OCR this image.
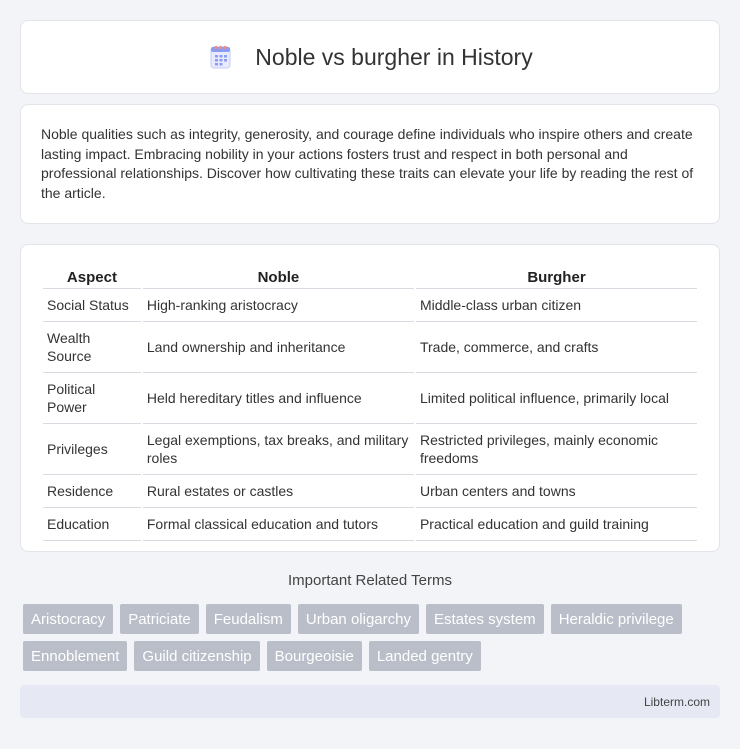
Noble vs burgher in History

Noble qualities such as integrity, generosity, and courage define individuals who inspire others and create lasting impact. Embracing nobility in your actions fosters trust and respect in both personal and professional relationships. Discover how cultivating these traits can elevate your life by reading the rest of the article.

Aspect	Noble	Burgher
Social Status	High-ranking aristocracy	Middle-class urban citizen
Wealth Source	Land ownership and inheritance	Trade, commerce, and crafts
Political Power	Held hereditary titles and influence	Limited political influence, primarily local
Privileges	Legal exemptions, tax breaks, and military roles	Restricted privileges, mainly economic freedoms
Residence	Rural estates or castles	Urban centers and towns
Education	Formal classical education and tutors	Practical education and guild training
Important Related Terms
Aristocracy	Patriciate	Feudalism	Urban oligarchy	Estates system	Heraldic privilege
Ennoblement	Guild citizenship	Bourgeoisie	Landed gentry
Libterm.com
